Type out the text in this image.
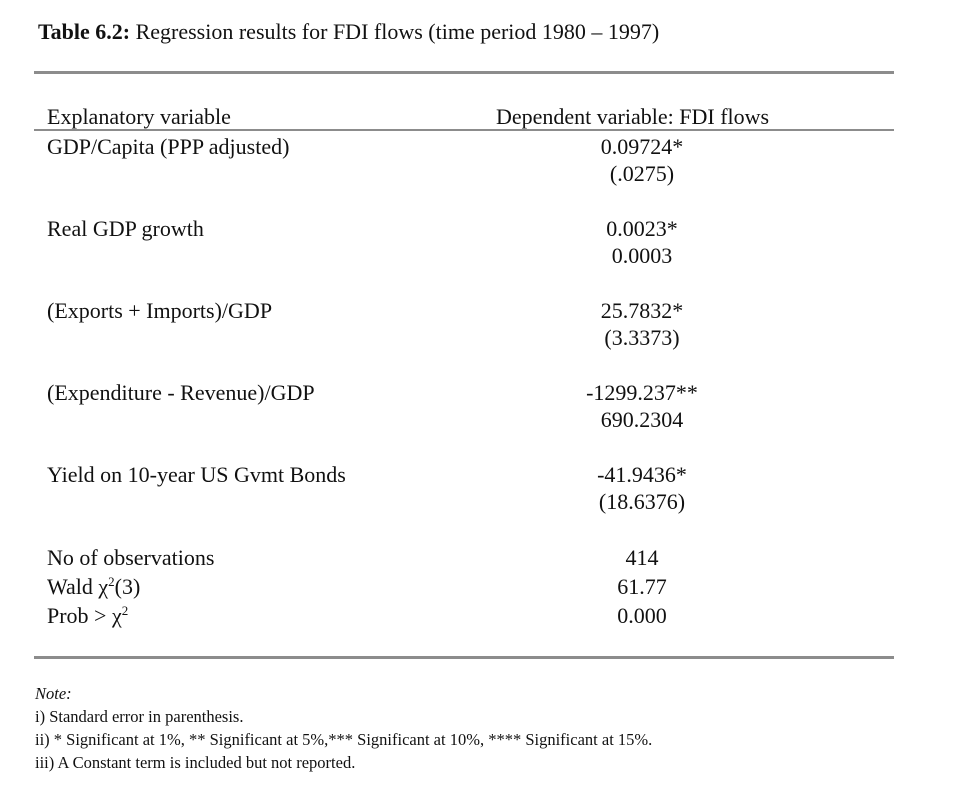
Table 6.2: Regression results for FDI flows (time period 1980 – 1997)
Explanatory variable	Dependent variable: FDI flows
GDP/Capita (PPP adjusted)	0.09724*
(.0275)
Real GDP growth	0.0023*
0.0003
(Exports + Imports)/GDP	25.7832*
(3.3373)
(Expenditure - Revenue)/GDP	-1299.237**
690.2304
Yield on 10-year US Gvmt Bonds	-41.9436*
(18.6376)
No of observations	414
Wald $\chi^2(3)$	61.77
Prob > $\chi^2$	0.000
Note:
i) Standard error in parenthesis.
ii) * Significant at 1%, ** Significant at 5%,*** Significant at 10%, **** Significant at 15%.
iii) A Constant term is included but not reported.
